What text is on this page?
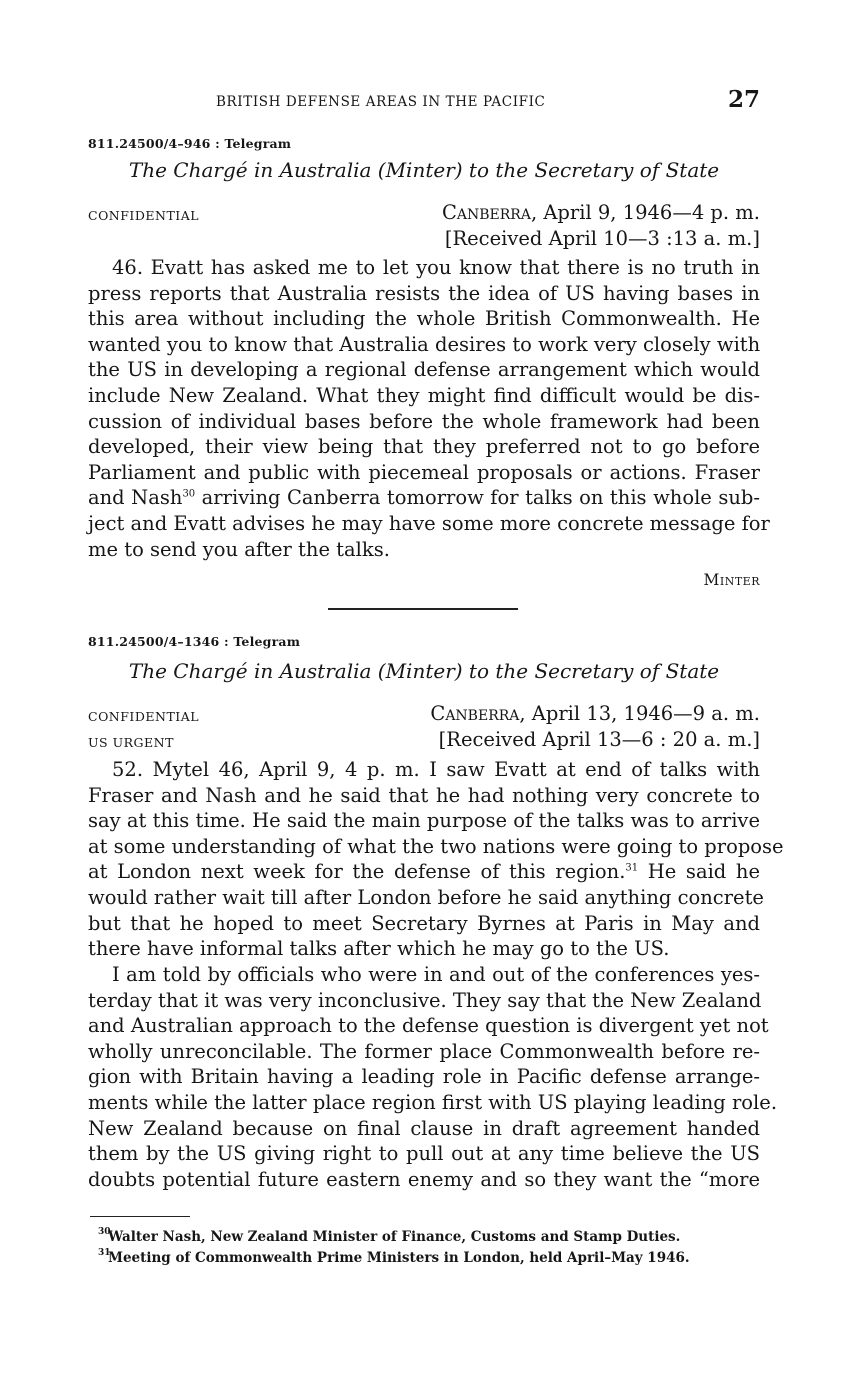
BRITISH DEFENSE AREAS IN THE PACIFIC	27
811.24500/4–946 : Telegram
The Chargé in Australia (Minter) to the Secretary of State
CONFIDENTIAL	Canberra, April 9, 1946—4 p. m.
[Received April 10—3 :13 a. m.]
46. Evatt has asked me to let you know that there is no truth in
press reports that Australia resists the idea of US having bases in
this area without including the whole British Commonwealth. He
wanted you to know that Australia desires to work very closely with
the US in developing a regional defense arrangement which would
include New Zealand. What they might find difficult would be dis-
cussion of individual bases before the whole framework had been
developed, their view being that they preferred not to go before
Parliament and public with piecemeal proposals or actions. Fraser
and Nash$^{30}$ arriving Canberra tomorrow for talks on this whole sub-
ject and Evatt advises he may have some more concrete message for
me to send you after the talks.
Minter
811.24500/4–1346 : Telegram
The Chargé in Australia (Minter) to the Secretary of State
CONFIDENTIAL
US URGENT
Canberra, April 13, 1946—9 a. m.
[Received April 13—6 : 20 a. m.]
52. Mytel 46, April 9, 4 p. m. I saw Evatt at end of talks with
Fraser and Nash and he said that he had nothing very concrete to
say at this time. He said the main purpose of the talks was to arrive
at some understanding of what the two nations were going to propose
at London next week for the defense of this region.$^{31}$ He said he
would rather wait till after London before he said anything concrete
but that he hoped to meet Secretary Byrnes at Paris in May and
there have informal talks after which he may go to the US.
I am told by officials who were in and out of the conferences yes-
terday that it was very inconclusive. They say that the New Zealand
and Australian approach to the defense question is divergent yet not
wholly unreconcilable. The former place Commonwealth before re-
gion with Britain having a leading role in Pacific defense arrange-
ments while the latter place region first with US playing leading role.
New Zealand because on final clause in draft agreement handed
them by the US giving right to pull out at any time believe the US
doubts potential future eastern enemy and so they want the “more
30
Walter Nash, New Zealand Minister of Finance, Customs and Stamp Duties.
31
Meeting of Commonwealth Prime Ministers in London, held April–May 1946.
